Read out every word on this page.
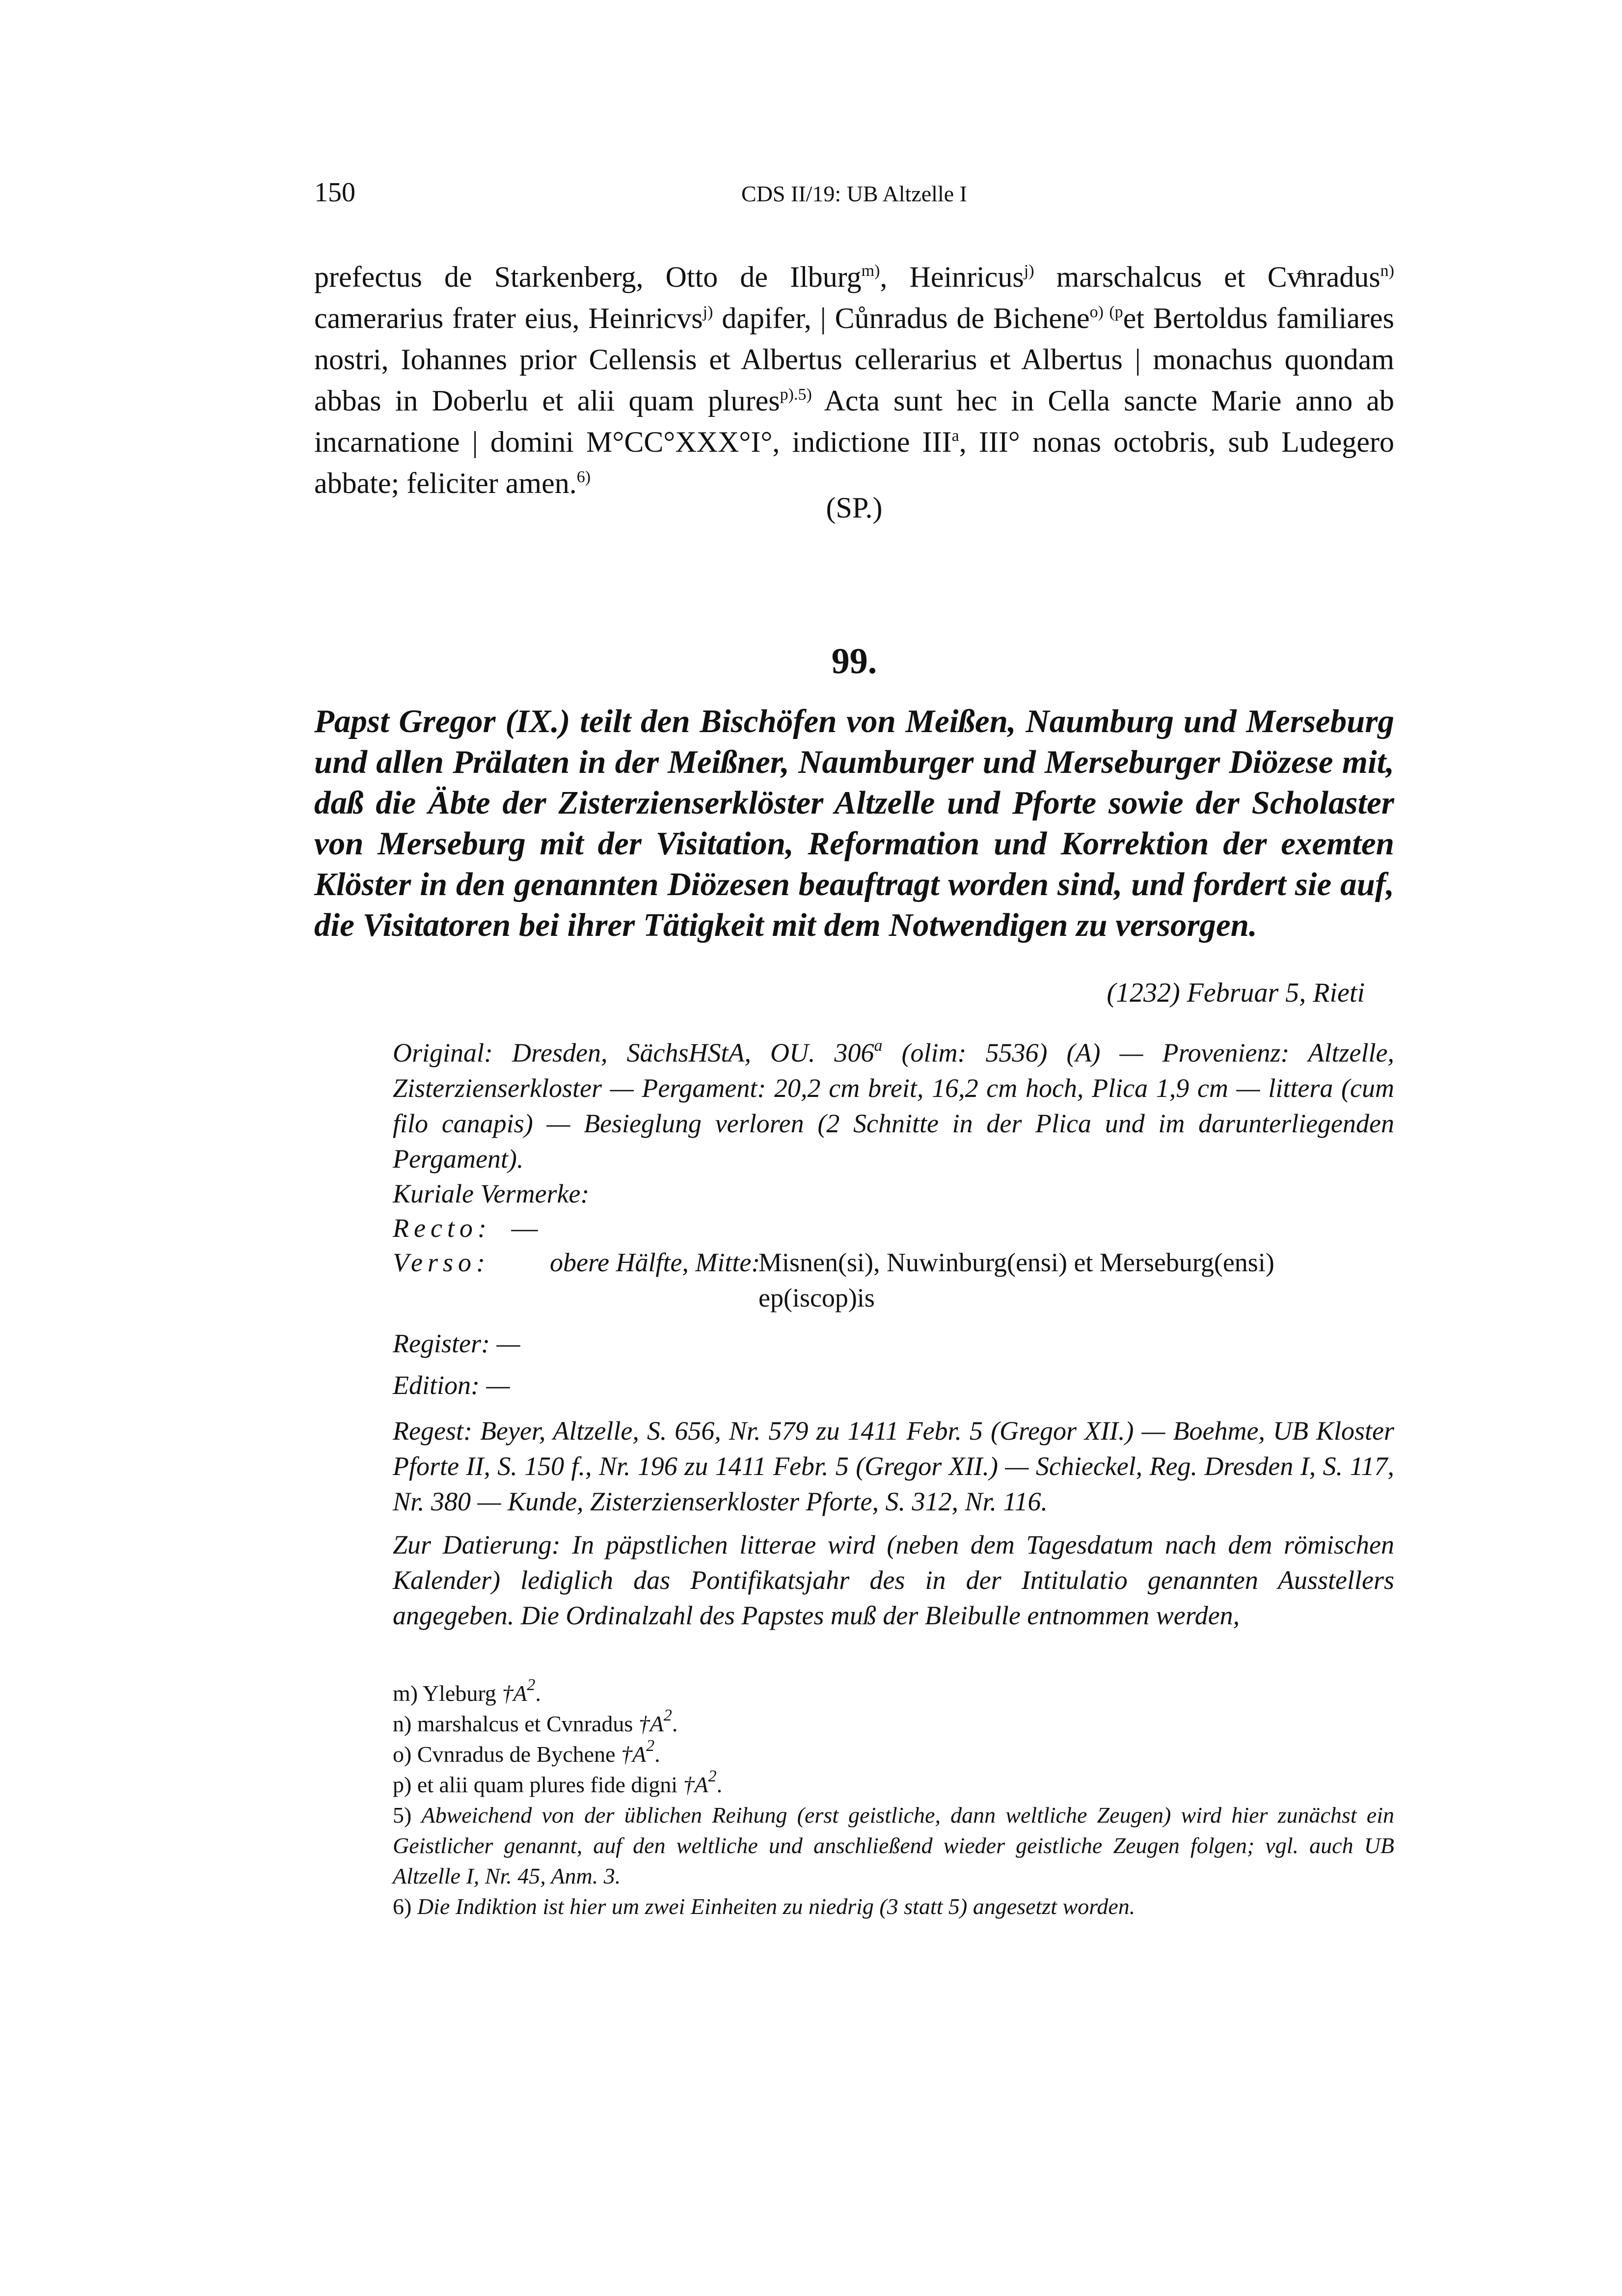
150	CDS II/19: UB Altzelle I

prefectus de Starkenberg, Otto de Ilburg$^{m)}$, Heinricus$^{j)}$ marschalcus et Cvͦnradus$^{n)}$ camerarius frater eius, Heinricvs$^{j)}$ dapifer, | Cůnradus de Bichene$^{o)}$ $^{(p}$et Bertoldus familiares nostri, Iohannes prior Cellensis et Albertus cellerarius et Albertus | monachus quondam abbas in Doberlu et alii quam plures$^{p).5)}$ Acta sunt hec in Cella sancte Marie anno ab incarnatione | domini M°CC°XXX°I°, indictione III$^a$, III° nonas octobris, sub Ludegero abbate; feliciter amen.$^{6)}$

(SP.)
99.
Papst Gregor (IX.) teilt den Bischöfen von Meißen, Naumburg und Merseburg und allen Prälaten in der Meißner, Naumburger und Merseburger Diözese mit, daß die Äbte der Zisterzienserklöster Altzelle und Pforte sowie der Scholaster von Merseburg mit der Visitation, Reformation und Korrektion der exemten Klöster in den genannten Diözesen beauftragt worden sind, und fordert sie auf, die Visitatoren bei ihrer Tätigkeit mit dem Notwendigen zu versorgen.
(1232) Februar 5, Rieti

Original: Dresden, SächsHStA, OU. 306$^a$ (olim: 5536) (A) — Provenienz: Altzelle, Zisterzienserkloster — Pergament: 20,2 cm breit, 16,2 cm hoch, Plica 1,9 cm — littera (cum filo canapis) — Besieglung verloren (2 Schnitte in der Plica und im darunterliegenden Pergament).

Kuriale Vermerke:
Recto: —
Verso: obere Hälfte, Mitte:
Misnen(si), Nuwinburg(ensi) et Merseburg(ensi) ep(iscop)is
Register: —
Edition: —

Regest: Beyer, Altzelle, S. 656, Nr. 579 zu 1411 Febr. 5 (Gregor XII.) — Boehme, UB Kloster Pforte II, S. 150 f., Nr. 196 zu 1411 Febr. 5 (Gregor XII.) — Schieckel, Reg. Dresden I, S. 117, Nr. 380 — Kunde, Zisterzienserkloster Pforte, S. 312, Nr. 116.

Zur Datierung: In päpstlichen litterae wird (neben dem Tagesdatum nach dem römischen Kalender) lediglich das Pontifikatsjahr des in der Intitulatio genannten Ausstellers angegeben. Die Ordinalzahl des Papstes muß der Bleibulle entnommen werden,

m) Yleburg $\dagger A^2$.

n) marshalcus et Cvnradus $\dagger A^2$.

o) Cvnradus de Bychene $\dagger A^2$.

p) et alii quam plures fide digni $\dagger A^2$.

5) Abweichend von der üblichen Reihung (erst geistliche, dann weltliche Zeugen) wird hier zunächst ein Geistlicher genannt, auf den weltliche und anschließend wieder geistliche Zeugen folgen; vgl. auch UB Altzelle I, Nr. 45, Anm. 3.

6) Die Indiktion ist hier um zwei Einheiten zu niedrig (3 statt 5) angesetzt worden.
